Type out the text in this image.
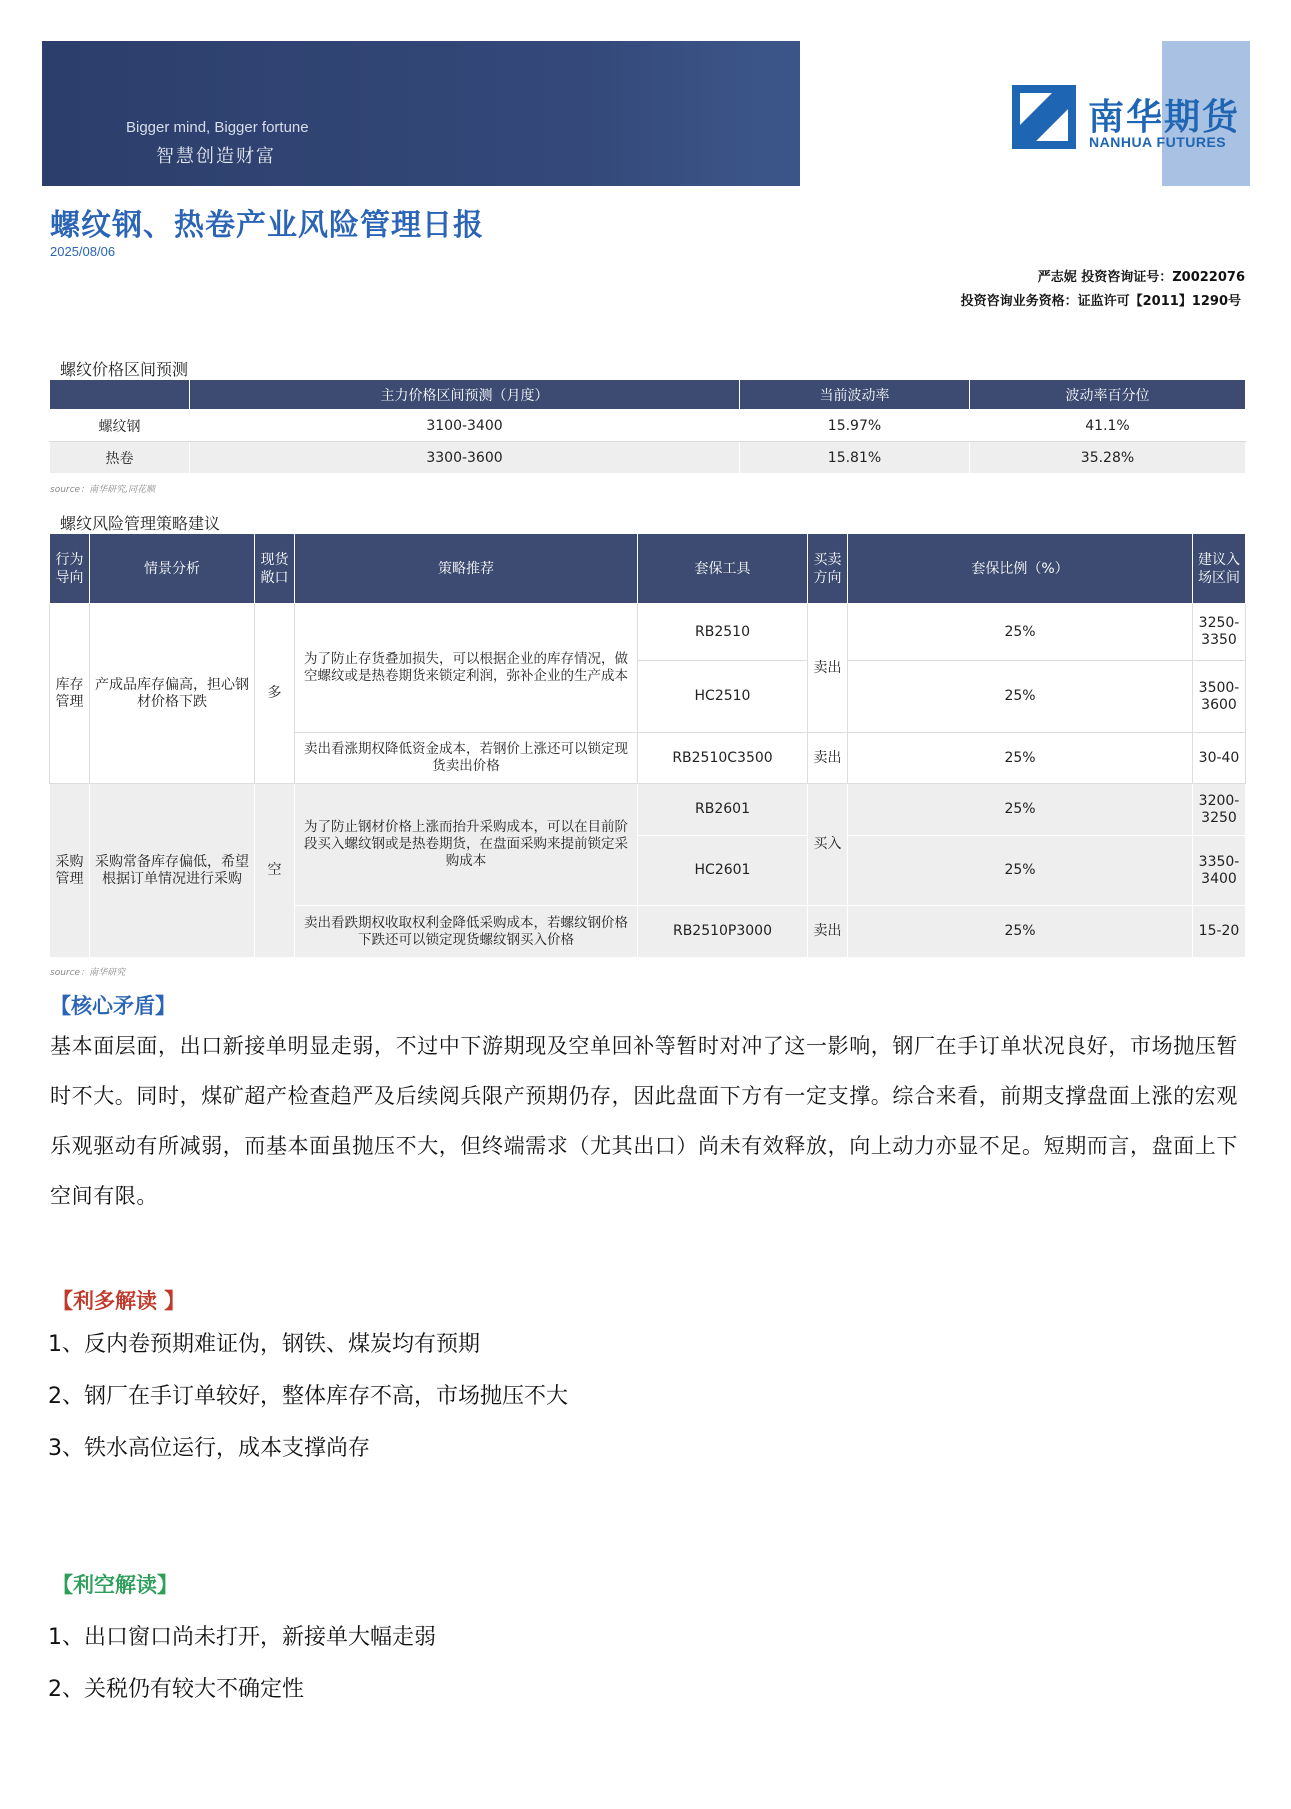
Bigger mind, Bigger fortune
智慧创造财富
南华期货
NANHUA FUTURES
螺纹钢、热卷产业风险管理日报
2025/08/06
严志妮 投资咨询证号：Z0022076
投资咨询业务资格：证监许可【2011】1290号
螺纹价格区间预测
	主力价格区间预测（月度）	当前波动率	波动率百分位
螺纹钢	3100-3400	15.97%	41.1%
热卷	3300-3600	15.81%	35.28%
source：南华研究,同花顺
螺纹风险管理策略建议
行为导向	情景分析	现货敞口	策略推荐	套保工具	买卖方向	套保比例（%）	建议入场区间
库存管理	产成品库存偏高，担心钢材价格下跌	多	为了防止存货叠加损失，可以根据企业的库存情况，做空螺纹或是热卷期货来锁定利润，弥补企业的生产成本	RB2510	卖出	25%	3250-3350
				HC2510		25%	3500-3600
			卖出看涨期权降低资金成本，若钢价上涨还可以锁定现货卖出价格	RB2510C3500	卖出	25%	30-40
采购管理	采购常备库存偏低，希望根据订单情况进行采购	空	为了防止钢材价格上涨而抬升采购成本，可以在目前阶段买入螺纹钢或是热卷期货，在盘面采购来提前锁定采购成本	RB2601	买入	25%	3200-3250
				HC2601		25%	3350-3400
			卖出看跌期权收取权利金降低采购成本，若螺纹钢价格下跌还可以锁定现货螺纹钢买入价格	RB2510P3000	卖出	25%	15-20
source：南华研究
【核心矛盾】
基本面层面，出口新接单明显走弱，不过中下游期现及空单回补等暂时对冲了这一影响，钢厂在手订单状况良好，市场抛压暂时不大。同时，煤矿超产检查趋严及后续阅兵限产预期仍存，因此盘面下方有一定支撑。综合来看，前期支撑盘面上涨的宏观乐观驱动有所减弱，而基本面虽抛压不大，但终端需求（尤其出口）尚未有效释放，向上动力亦显不足。短期而言，盘面上下空间有限。
【利多解读 】
1、反内卷预期难证伪，钢铁、煤炭均有预期
2、钢厂在手订单较好，整体库存不高，市场抛压不大
3、铁水高位运行，成本支撑尚存
【利空解读】
1、出口窗口尚未打开，新接单大幅走弱
2、关税仍有较大不确定性
